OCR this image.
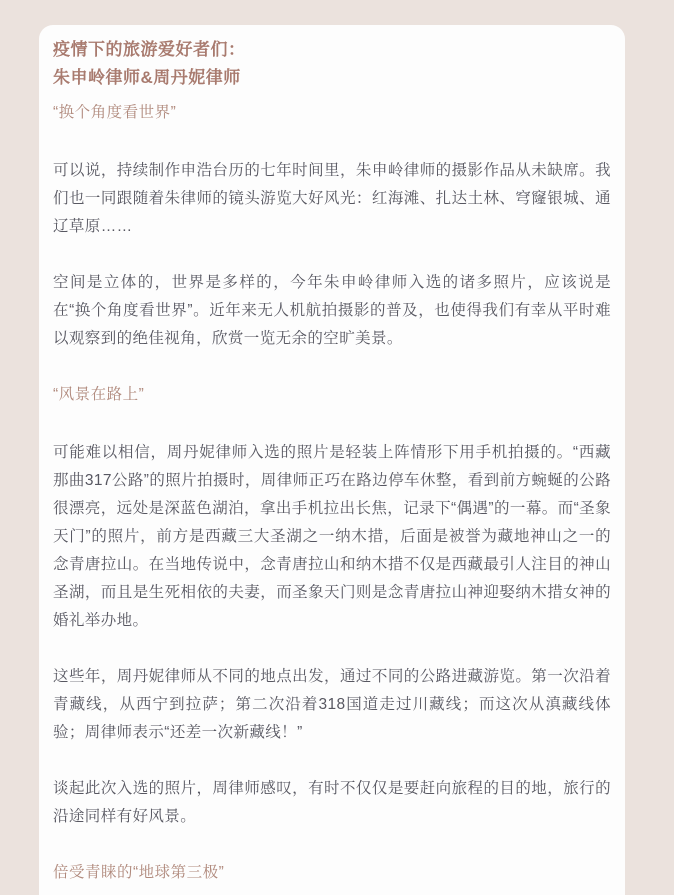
疫情下的旅游爱好者们：
朱申岭律师&周丹妮律师
“换个角度看世界”

可以说，持续制作申浩台历的七年时间里，朱申岭律师的摄影作品从未缺席。我们也一同跟随着朱律师的镜头游览大好风光：红海滩、扎达土林、穹窿银城、通辽草原……

空间是立体的，世界是多样的，今年朱申岭律师入选的诸多照片，应该说是在“换个角度看世界”。近年来无人机航拍摄影的普及，也使得我们有幸从平时难以观察到的绝佳视角，欣赏一览无余的空旷美景。

“风景在路上”

可能难以相信，周丹妮律师入选的照片是轻装上阵情形下用手机拍摄的。“西藏那曲317公路”的照片拍摄时，周律师正巧在路边停车休整，看到前方蜿蜒的公路很漂亮，远处是深蓝色湖泊，拿出手机拉出长焦，记录下“偶遇”的一幕。而“圣象天门”的照片，前方是西藏三大圣湖之一纳木措，后面是被誉为藏地神山之一的念青唐拉山。在当地传说中，念青唐拉山和纳木措不仅是西藏最引人注目的神山圣湖，而且是生死相依的夫妻，而圣象天门则是念青唐拉山神迎娶纳木措女神的婚礼举办地。

这些年，周丹妮律师从不同的地点出发，通过不同的公路进藏游览。第一次沿着青藏线，从西宁到拉萨；第二次沿着318国道走过川藏线；而这次从滇藏线体验；周律师表示“还差一次新藏线！”

谈起此次入选的照片，周律师感叹，有时不仅仅是要赶向旅程的目的地，旅行的沿途同样有好风景。

倍受青睐的“地球第三极”
